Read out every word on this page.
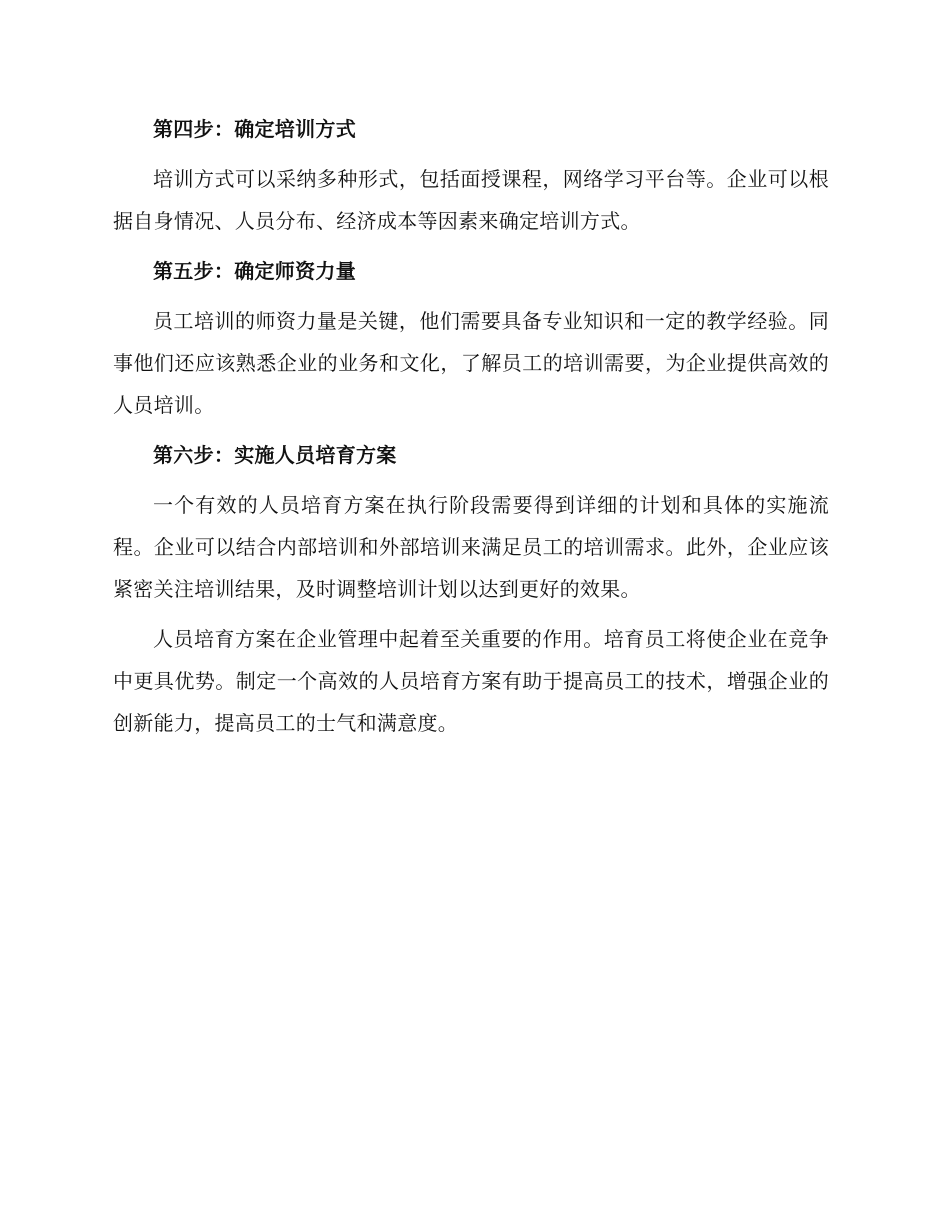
第四步：确定培训方式

培训方式可以采纳多种形式，包括面授课程，网络学习平台等。企业可以根据自身情况、人员分布、经济成本等因素来确定培训方式。

第五步：确定师资力量

员工培训的师资力量是关键，他们需要具备专业知识和一定的教学经验。同事他们还应该熟悉企业的业务和文化，了解员工的培训需要，为企业提供高效的人员培训。

第六步：实施人员培育方案

一个有效的人员培育方案在执行阶段需要得到详细的计划和具体的实施流程。企业可以结合内部培训和外部培训来满足员工的培训需求。此外，企业应该紧密关注培训结果，及时调整培训计划以达到更好的效果。

人员培育方案在企业管理中起着至关重要的作用。培育员工将使企业在竞争中更具优势。制定一个高效的人员培育方案有助于提高员工的技术，增强企业的创新能力，提高员工的士气和满意度。
